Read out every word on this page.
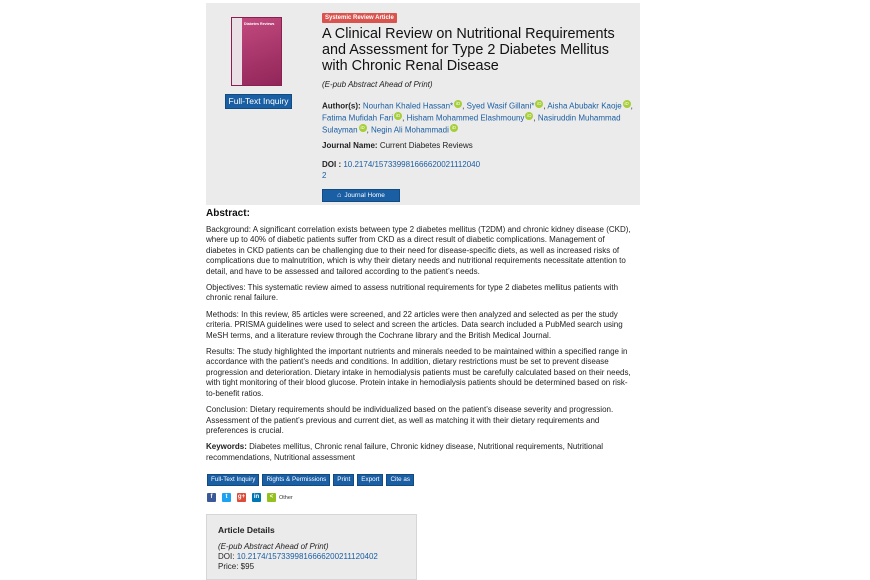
Diabetes Reviews
Full-Text Inquiry
Systemic Review Article
A Clinical Review on Nutritional Requirements and Assessment for Type 2 Diabetes Mellitus with Chronic Renal Disease
(E-pub Abstract Ahead of Print)
Author(s): Nourhan Khaled Hassan* iD , Syed Wasif Gillani* iD , Aisha Abubakr Kaoje iD , Fatima Mufidah Fari iD , Hisham Mohammed Elashmouny iD , Nasiruddin Muhammad Sulayman iD , Negin Ali Mohammadi iD
Journal Name: Current Diabetes Reviews
DOI : 10.2174/1573399816666200211120402
⌂ Journal Home
Abstract:

Background: A significant correlation exists between type 2 diabetes mellitus (T2DM) and chronic kidney disease (CKD), where up to 40% of diabetic patients suffer from CKD as a direct result of diabetic complications. Management of diabetes in CKD patients can be challenging due to their need for disease-specific diets, as well as increased risks of complications due to malnutrition, which is why their dietary needs and nutritional requirements necessitate attention to detail, and have to be assessed and tailored according to the patient’s needs.

Objectives: This systematic review aimed to assess nutritional requirements for type 2 diabetes mellitus patients with chronic renal failure.

Methods: In this review, 85 articles were screened, and 22 articles were then analyzed and selected as per the study criteria. PRISMA guidelines were used to select and screen the articles. Data search included a PubMed search using MeSH terms, and a literature review through the Cochrane library and the British Medical Journal.

Results: The study highlighted the important nutrients and minerals needed to be maintained within a specified range in accordance with the patient’s needs and conditions. In addition, dietary restrictions must be set to prevent disease progression and deterioration. Dietary intake in hemodialysis patients must be carefully calculated based on their needs, with tight monitoring of their blood glucose. Protein intake in hemodialysis patients should be determined based on risk-to-benefit ratios.

Conclusion: Dietary requirements should be individualized based on the patient’s disease severity and progression. Assessment of the patient’s previous and current diet, as well as matching it with their dietary requirements and preferences is crucial.

Keywords: Diabetes mellitus, Chronic renal failure, Chronic kidney disease, Nutritional requirements, Nutritional recommendations, Nutritional assessment

Full-Text Inquiry	Rights & Permissions	Print	Export	Cite as
f	t	g+	in	<	Other
Article Details
(E-pub Abstract Ahead of Print)
DOI: 10.2174/1573399816666200211120402
Price: $95
